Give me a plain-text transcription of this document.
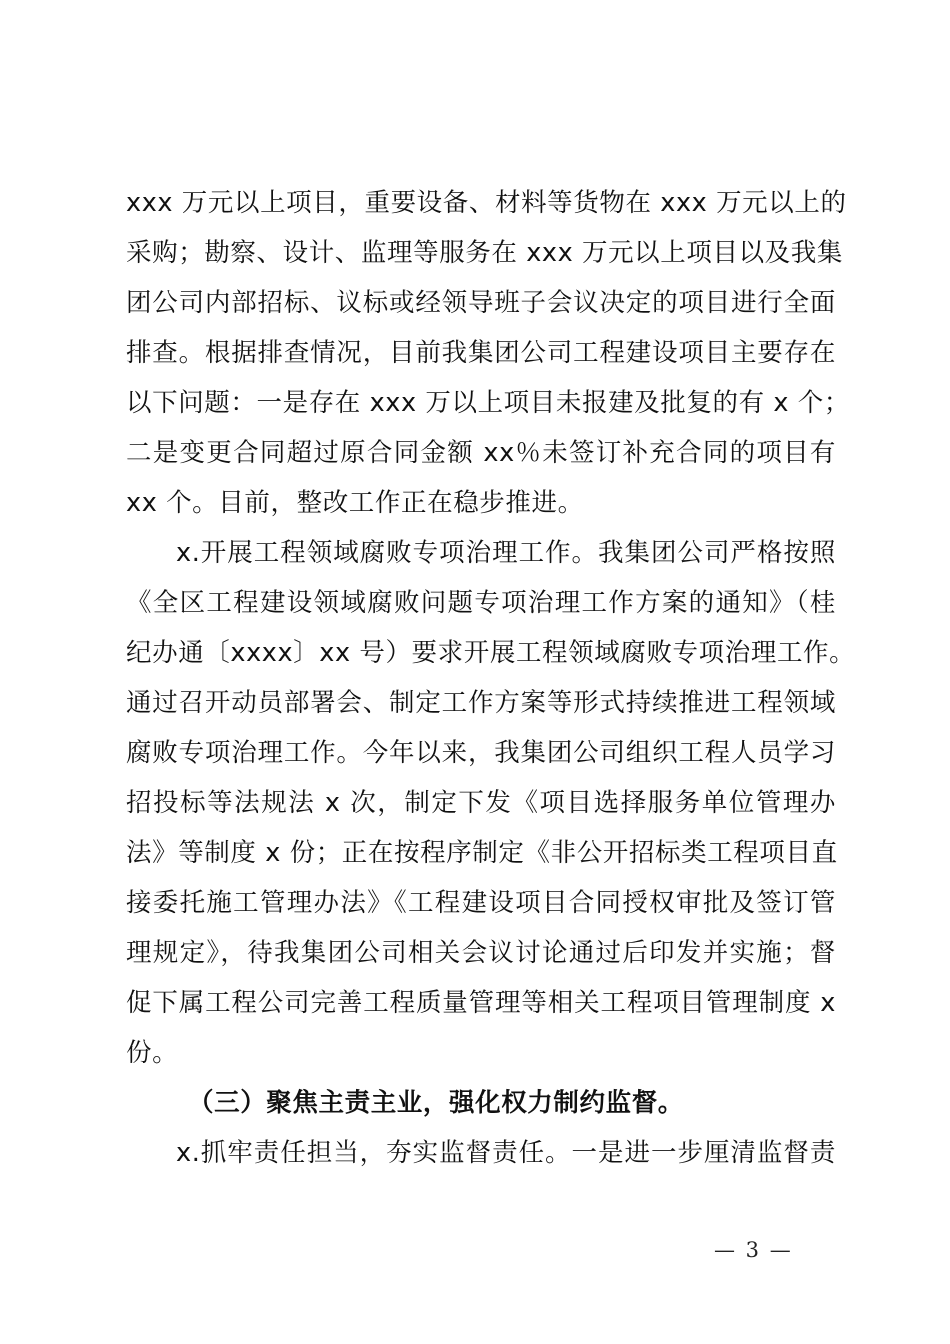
xxx 万元以上项目，重要设备、材料等货物在 xxx 万元以上的
采购；勘察、设计、监理等服务在 xxx 万元以上项目以及我集
团公司内部招标、议标或经领导班子会议决定的项目进行全面
排查。根据排查情况，目前我集团公司工程建设项目主要存在
以下问题：一是存在 xxx 万以上项目未报建及批复的有 x 个；
二是变更合同超过原合同金额 xx％未签订补充合同的项目有
xx 个。目前，整改工作正在稳步推进。
x.开展工程领域腐败专项治理工作。我集团公司严格按照
《全区工程建设领域腐败问题专项治理工作方案的通知》（桂
纪办通〔xxxx〕xx 号）要求开展工程领域腐败专项治理工作。
通过召开动员部署会、制定工作方案等形式持续推进工程领域
腐败专项治理工作。今年以来，我集团公司组织工程人员学习
招投标等法规法 x 次，制定下发《项目选择服务单位管理办
法》等制度 x 份；正在按程序制定《非公开招标类工程项目直
接委托施工管理办法》《工程建设项目合同授权审批及签订管
理规定》，待我集团公司相关会议讨论通过后印发并实施；督
促下属工程公司完善工程质量管理等相关工程项目管理制度 x
份。
（三）聚焦主责主业，强化权力制约监督。
x.抓牢责任担当，夯实监督责任。一是进一步厘清监督责
— 3 —
